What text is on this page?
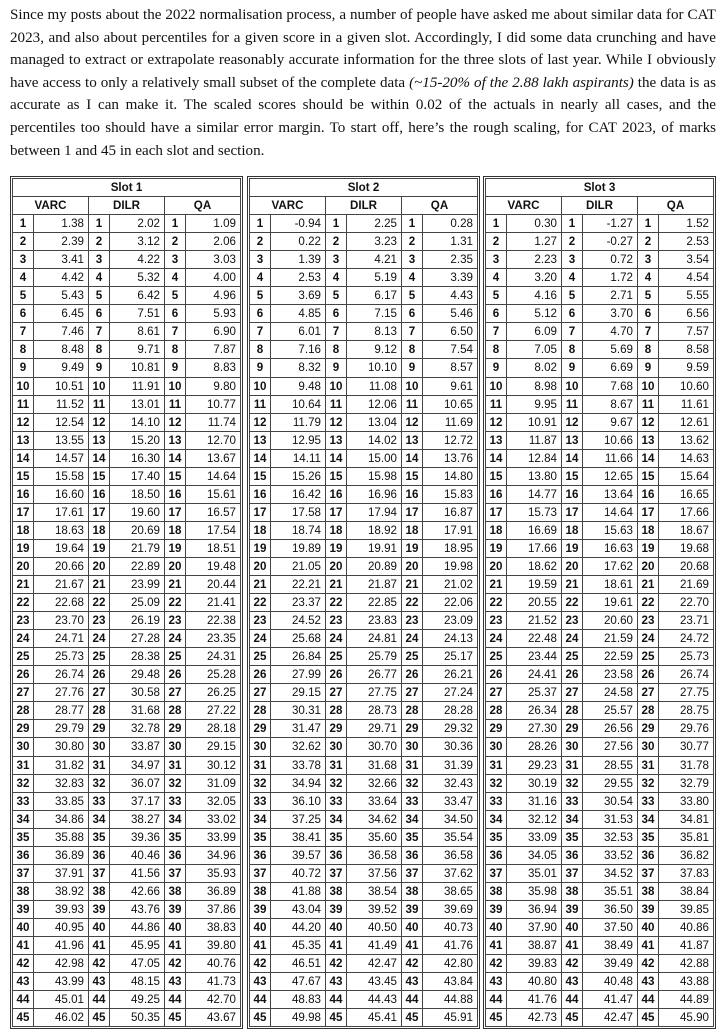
Since my posts about the 2022 normalisation process, a number of people have asked me about similar data for CAT 2023, and also about percentiles for a given score in a given slot. Accordingly, I did some data crunching and have managed to extract or extrapolate reasonably accurate information for the three slots of last year. While I obviously have access to only a relatively small subset of the complete data (~15-20% of the 2.88 lakh aspirants) the data is as accurate as I can make it. The scaled scores should be within 0.02 of the actuals in nearly all cases, and the percentiles too should have a similar error margin. To start off, here’s the rough scaling, for CAT 2023, of marks between 1 and 45 in each slot and section.
Slot 1					
VARC		DILR		QA	
1	1.38	1	2.02	1	1.09
2	2.39	2	3.12	2	2.06
3	3.41	3	4.22	3	3.03
4	4.42	4	5.32	4	4.00
5	5.43	5	6.42	5	4.96
6	6.45	6	7.51	6	5.93
7	7.46	7	8.61	7	6.90
8	8.48	8	9.71	8	7.87
9	9.49	9	10.81	9	8.83
10	10.51	10	11.91	10	9.80
11	11.52	11	13.01	11	10.77
12	12.54	12	14.10	12	11.74
13	13.55	13	15.20	13	12.70
14	14.57	14	16.30	14	13.67
15	15.58	15	17.40	15	14.64
16	16.60	16	18.50	16	15.61
17	17.61	17	19.60	17	16.57
18	18.63	18	20.69	18	17.54
19	19.64	19	21.79	19	18.51
20	20.66	20	22.89	20	19.48
21	21.67	21	23.99	21	20.44
22	22.68	22	25.09	22	21.41
23	23.70	23	26.19	23	22.38
24	24.71	24	27.28	24	23.35
25	25.73	25	28.38	25	24.31
26	26.74	26	29.48	26	25.28
27	27.76	27	30.58	27	26.25
28	28.77	28	31.68	28	27.22
29	29.79	29	32.78	29	28.18
30	30.80	30	33.87	30	29.15
31	31.82	31	34.97	31	30.12
32	32.83	32	36.07	32	31.09
33	33.85	33	37.17	33	32.05
34	34.86	34	38.27	34	33.02
35	35.88	35	39.36	35	33.99
36	36.89	36	40.46	36	34.96
37	37.91	37	41.56	37	35.93
38	38.92	38	42.66	38	36.89
39	39.93	39	43.76	39	37.86
40	40.95	40	44.86	40	38.83
41	41.96	41	45.95	41	39.80
42	42.98	42	47.05	42	40.76
43	43.99	43	48.15	43	41.73
44	45.01	44	49.25	44	42.70
45	46.02	45	50.35	45	43.67
Slot 2					
VARC		DILR		QA	
1	-0.94	1	2.25	1	0.28
2	0.22	2	3.23	2	1.31
3	1.39	3	4.21	3	2.35
4	2.53	4	5.19	4	3.39
5	3.69	5	6.17	5	4.43
6	4.85	6	7.15	6	5.46
7	6.01	7	8.13	7	6.50
8	7.16	8	9.12	8	7.54
9	8.32	9	10.10	9	8.57
10	9.48	10	11.08	10	9.61
11	10.64	11	12.06	11	10.65
12	11.79	12	13.04	12	11.69
13	12.95	13	14.02	13	12.72
14	14.11	14	15.00	14	13.76
15	15.26	15	15.98	15	14.80
16	16.42	16	16.96	16	15.83
17	17.58	17	17.94	17	16.87
18	18.74	18	18.92	18	17.91
19	19.89	19	19.91	19	18.95
20	21.05	20	20.89	20	19.98
21	22.21	21	21.87	21	21.02
22	23.37	22	22.85	22	22.06
23	24.52	23	23.83	23	23.09
24	25.68	24	24.81	24	24.13
25	26.84	25	25.79	25	25.17
26	27.99	26	26.77	26	26.21
27	29.15	27	27.75	27	27.24
28	30.31	28	28.73	28	28.28
29	31.47	29	29.71	29	29.32
30	32.62	30	30.70	30	30.36
31	33.78	31	31.68	31	31.39
32	34.94	32	32.66	32	32.43
33	36.10	33	33.64	33	33.47
34	37.25	34	34.62	34	34.50
35	38.41	35	35.60	35	35.54
36	39.57	36	36.58	36	36.58
37	40.72	37	37.56	37	37.62
38	41.88	38	38.54	38	38.65
39	43.04	39	39.52	39	39.69
40	44.20	40	40.50	40	40.73
41	45.35	41	41.49	41	41.76
42	46.51	42	42.47	42	42.80
43	47.67	43	43.45	43	43.84
44	48.83	44	44.43	44	44.88
45	49.98	45	45.41	45	45.91
Slot 3					
VARC		DILR		QA	
1	0.30	1	-1.27	1	1.52
2	1.27	2	-0.27	2	2.53
3	2.23	3	0.72	3	3.54
4	3.20	4	1.72	4	4.54
5	4.16	5	2.71	5	5.55
6	5.12	6	3.70	6	6.56
7	6.09	7	4.70	7	7.57
8	7.05	8	5.69	8	8.58
9	8.02	9	6.69	9	9.59
10	8.98	10	7.68	10	10.60
11	9.95	11	8.67	11	11.61
12	10.91	12	9.67	12	12.61
13	11.87	13	10.66	13	13.62
14	12.84	14	11.66	14	14.63
15	13.80	15	12.65	15	15.64
16	14.77	16	13.64	16	16.65
17	15.73	17	14.64	17	17.66
18	16.69	18	15.63	18	18.67
19	17.66	19	16.63	19	19.68
20	18.62	20	17.62	20	20.68
21	19.59	21	18.61	21	21.69
22	20.55	22	19.61	22	22.70
23	21.52	23	20.60	23	23.71
24	22.48	24	21.59	24	24.72
25	23.44	25	22.59	25	25.73
26	24.41	26	23.58	26	26.74
27	25.37	27	24.58	27	27.75
28	26.34	28	25.57	28	28.75
29	27.30	29	26.56	29	29.76
30	28.26	30	27.56	30	30.77
31	29.23	31	28.55	31	31.78
32	30.19	32	29.55	32	32.79
33	31.16	33	30.54	33	33.80
34	32.12	34	31.53	34	34.81
35	33.09	35	32.53	35	35.81
36	34.05	36	33.52	36	36.82
37	35.01	37	34.52	37	37.83
38	35.98	38	35.51	38	38.84
39	36.94	39	36.50	39	39.85
40	37.90	40	37.50	40	40.86
41	38.87	41	38.49	41	41.87
42	39.83	42	39.49	42	42.88
43	40.80	43	40.48	43	43.88
44	41.76	44	41.47	44	44.89
45	42.73	45	42.47	45	45.90
